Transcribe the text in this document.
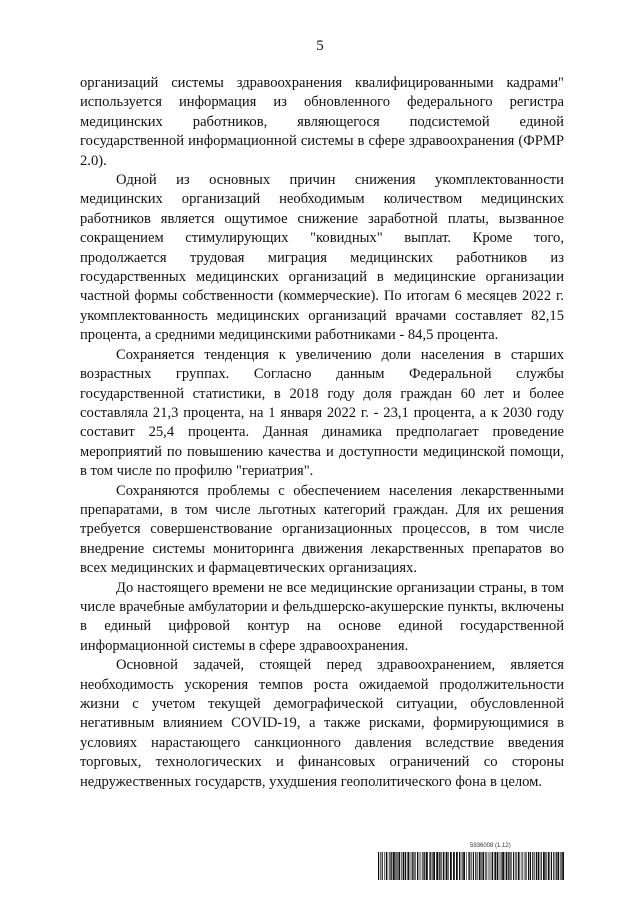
5

организаций системы здравоохранения квалифицированными кадрами" используется информация из обновленного федерального регистра медицинских работников, являющегося подсистемой единой государственной информационной системы в сфере здравоохранения (ФРМР 2.0).

Одной из основных причин снижения укомплектованности медицинских организаций необходимым количеством медицинских работников является ощутимое снижение заработной платы, вызванное сокращением стимулирующих "ковидных" выплат. Кроме того, продолжается трудовая миграция медицинских работников из государственных медицинских организаций в медицинские организации частной формы собственности (коммерческие). По итогам 6 месяцев 2022 г. укомплектованность медицинских организаций врачами составляет 82,15 процента, а средними медицинскими работниками - 84,5 процента.

Сохраняется тенденция к увеличению доли населения в старших возрастных группах. Согласно данным Федеральной службы государственной статистики, в 2018 году доля граждан 60 лет и более составляла 21,3 процента, на 1 января 2022 г. - 23,1 процента, а к 2030 году составит 25,4 процента. Данная динамика предполагает проведение мероприятий по повышению качества и доступности медицинской помощи, в том числе по профилю "гериатрия".

Сохраняются проблемы с обеспечением населения лекарственными препаратами, в том числе льготных категорий граждан. Для их решения требуется совершенствование организационных процессов, в том числе внедрение системы мониторинга движения лекарственных препаратов во всех медицинских и фармацевтических организациях.

До настоящего времени не все медицинские организации страны, в том числе врачебные амбулатории и фельдшерско-акушерские пункты, включены в единый цифровой контур на основе единой государственной информационной системы в сфере здравоохранения.

Основной задачей, стоящей перед здравоохранением, является необходимость ускорения темпов роста ожидаемой продолжительности жизни с учетом текущей демографической ситуации, обусловленной негативным влиянием COVID-19, а также рисками, формирующимися в условиях нарастающего санкционного давления вследствие введения торговых, технологических и финансовых ограничений со стороны недружественных государств, ухудшения геополитического фона в целом.

5936008 (1.12)
